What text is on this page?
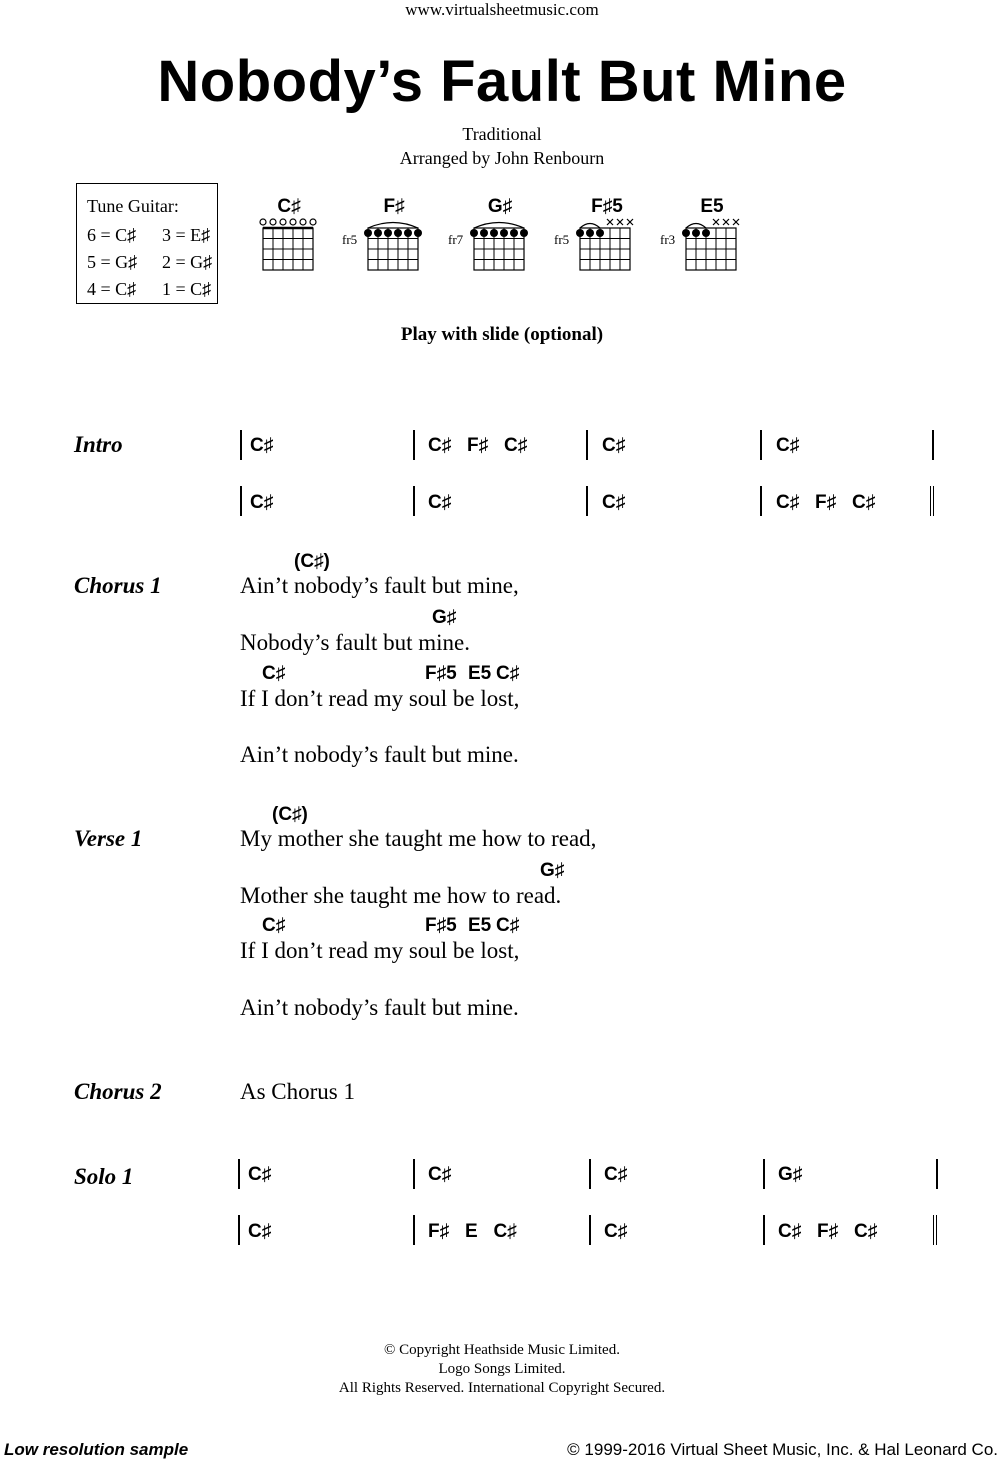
www.virtualsheetmusic.com
Nobody’s Fault But Mine
Traditional
Arranged by John Renbourn
Tune Guitar:
6 = C♯ 3 = E♯
5 = G♯ 2 = G♯
4 = C♯ 1 = C♯
C♯	F♯
fr5
G♯
fr7
F♯5
fr5
E5
fr3
Play with slide (optional)
Intro	C♯	C♯   F♯   C♯	C♯	C♯
C♯	C♯	C♯	C♯   F♯   C♯
Chorus 1
(C♯)
Ain’t nobody’s fault but mine,
G♯
Nobody’s fault but mine.
C♯	F♯5 E5 C♯
If I don’t read my soul be lost,
Ain’t nobody’s fault but mine.
Verse 1
(C♯)
My mother she taught me how to read,
G♯
Mother she taught me how to read.
C♯	F♯5 E5 C♯
If I don’t read my soul be lost,
Ain’t nobody’s fault but mine.
Chorus 2	As Chorus 1
Solo 1	C♯	C♯	C♯	G♯
C♯	F♯   E   C♯	C♯	C♯   F♯   C♯
© Copyright Heathside Music Limited.
Logo Songs Limited.
All Rights Reserved. International Copyright Secured.
Low resolution sample	© 1999-2016 Virtual Sheet Music, Inc. & Hal Leonard Co.
